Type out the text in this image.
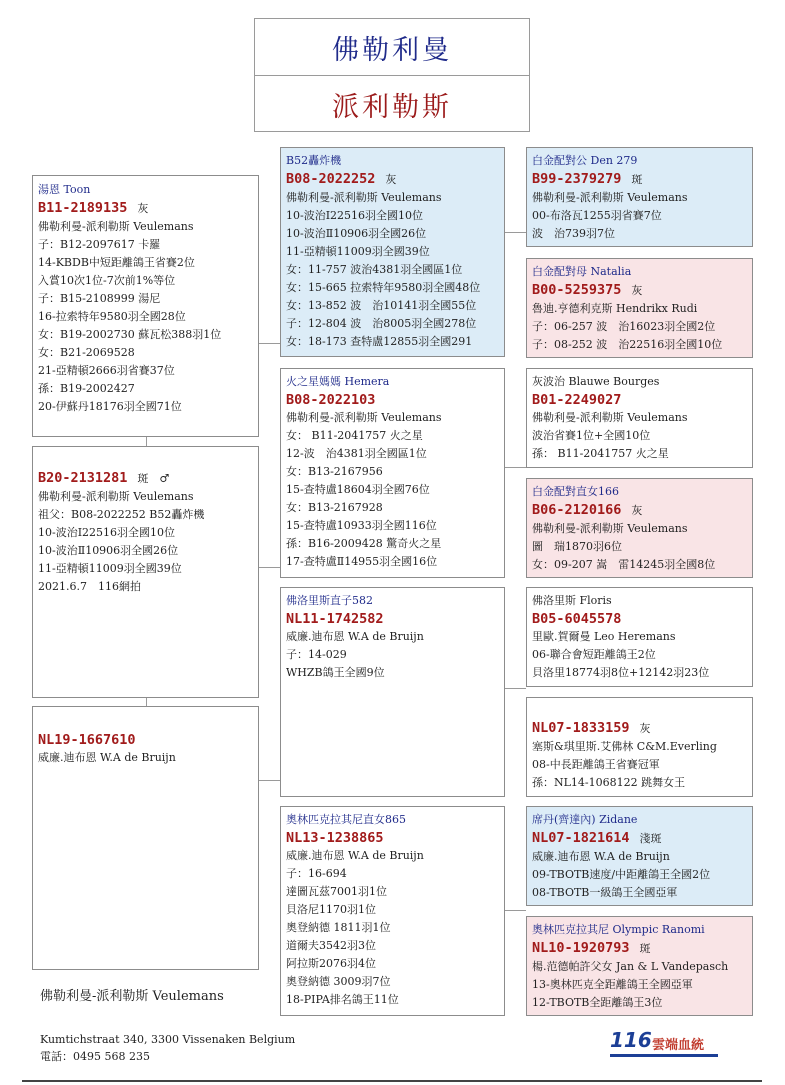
佛勒利曼
派利勒斯
湯恩 Toon
B11-2189135 灰
佛勒利曼-派利勒斯 Veulemans
子：B12-2097617 卡羅
14-KBDB中短距離鴿王省賽2位
入賞10次1位-7次前1%等位
子：B15-2108999 湯尼
16-拉索特年9580羽全國28位
女：B19-2002730 蘇瓦松388羽1位
女：B21-2069528
21-亞精頓2666羽省賽37位
孫：B19-2002427
20-伊蘇丹18176羽全國71位
B20-2131281 斑　♂
佛勒利曼-派利勒斯 Veulemans
祖父：B08-2022252 B52轟炸機
10-波治Ⅰ22516羽全國10位
10-波治Ⅱ10906羽全國26位
11-亞精頓11009羽全國39位
2021.6.7　116網拍
NL19-1667610
威廉.迪布恩 W.A de Bruijn
B52轟炸機
B08-2022252 灰
佛勒利曼-派利勒斯 Veulemans
10-波治Ⅰ22516羽全國10位
10-波治Ⅱ10906羽全國26位
11-亞精頓11009羽全國39位
女：11-757 波治4381羽全國區1位
女：15-665 拉索特年9580羽全國48位
女：13-852 波　治10141羽全國55位
子：12-804 波　治8005羽全國278位
女：18-173 查特盧12855羽全國291
火之星媽媽 Hemera
B08-2022103
佛勒利曼-派利勒斯 Veulemans
女： B11-2041757 火之星
12-波　治4381羽全國區1位
女：B13-2167956
15-查特盧18604羽全國76位
女：B13-2167928
15-查特盧10933羽全國116位
孫：B16-2009428 驚奇火之星
17-查特盧Ⅱ14955羽全國16位
佛洛里斯直子582
NL11-1742582
威廉.迪布恩 W.A de Bruijn
子：14-029
WHZB鴿王全國9位
奧林匹克拉其尼直女865
NL13-1238865
威廉.迪布恩 W.A de Bruijn
子：16-694
達圖瓦茲7001羽1位
貝洛尼1170羽1位
奧登納德 1811羽1位
道爾夫3542羽3位
阿拉斯2076羽4位
奧登納德 3009羽7位
18-PIPA排名鴿王11位
白金配對公 Den 279
B99-2379279 斑
佛勒利曼-派利勒斯 Veulemans
00-布洛瓦1255羽省賽7位
波　治739羽7位
白金配對母 Natalia
B00-5259375 灰
魯迪.亨德利克斯 Hendrikx Rudi
子：06-257 波　治16023羽全國2位
子：08-252 波　治22516羽全國10位
灰波治 Blauwe Bourges
B01-2249027
佛勒利曼-派利勒斯 Veulemans
波治省賽1位+全國10位
孫： B11-2041757 火之星
白金配對直女166
B06-2120166 灰
佛勒利曼-派利勒斯 Veulemans
圖　瑞1870羽6位
女：09-207 嵩　雷14245羽全國8位
佛洛里斯 Floris
B05-6045578
里歐.賀爾曼 Leo Heremans
06-聯合會短距離鴿王2位
貝洛里18774羽8位+12142羽23位
NL07-1833159 灰
塞斯&琪里斯.艾佛林 C&M.Everling
08-中長距離鴿王省賽冠軍
孫：NL14-1068122 跳舞女王
席丹(齊達內) Zidane
NL07-1821614 淺斑
威廉.迪布恩 W.A de Bruijn
09-TBOTB速度/中距離鴿王全國2位
08-TBOTB一級鴿王全國亞軍
奧林匹克拉其尼 Olympic Ranomi
NL10-1920793 斑
楊.范德帕許父女 Jan & L Vandepasch
13-奧林匹克全距離鴿王全國亞軍
12-TBOTB全距離鴿王3位
佛勒利曼-派利勒斯 Veulemans
Kumtichstraat 340, 3300 Vissenaken Belgium
電話：0495 568 235
116 雲端血統
